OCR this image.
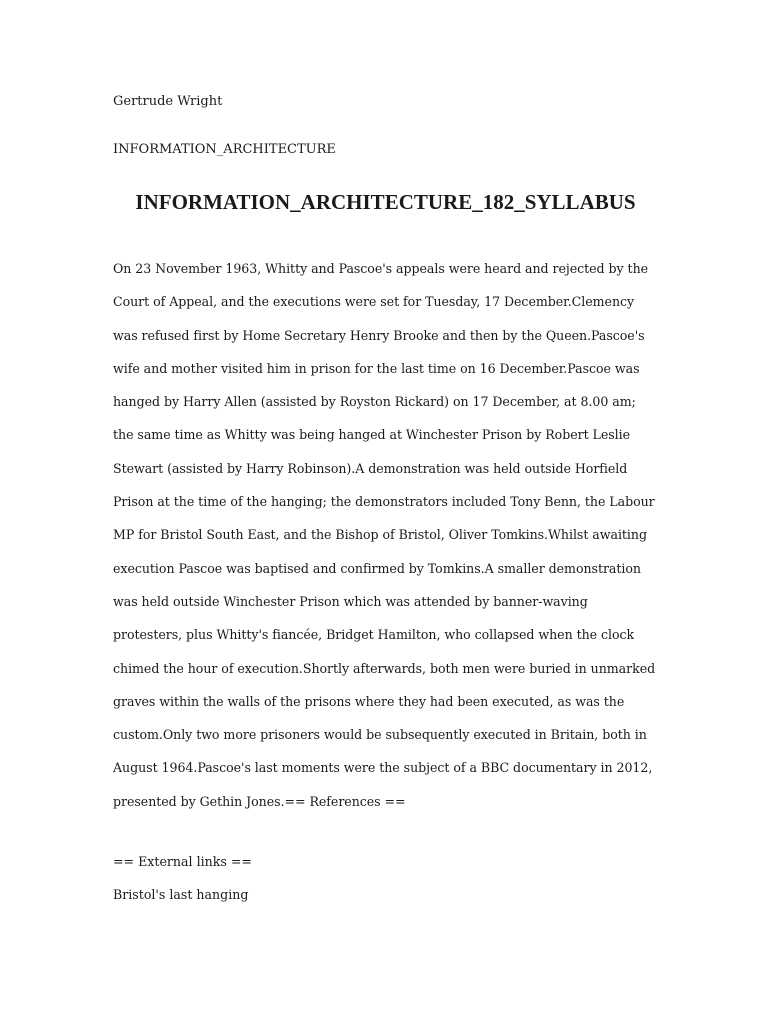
Gertrude Wright
INFORMATION_ARCHITECTURE
INFORMATION_ARCHITECTURE_182_SYLLABUS

On 23 November 1963, Whitty and Pascoe's appeals were heard and rejected by the Court of Appeal, and the executions were set for Tuesday, 17 December.Clemency was refused first by Home Secretary Henry Brooke and then by the Queen.Pascoe's wife and mother visited him in prison for the last time on 16 December.Pascoe was hanged by Harry Allen (assisted by Royston Rickard) on 17 December, at 8.00 am; the same time as Whitty was being hanged at Winchester Prison by Robert Leslie Stewart (assisted by Harry Robinson).A demonstration was held outside Horfield Prison at the time of the hanging; the demonstrators included Tony Benn, the Labour MP for Bristol South East, and the Bishop of Bristol, Oliver Tomkins.Whilst awaiting execution Pascoe was baptised and confirmed by Tomkins.A smaller demonstration was held outside Winchester Prison which was attended by banner-waving protesters, plus Whitty's fiancée, Bridget Hamilton, who collapsed when the clock chimed the hour of execution.Shortly afterwards, both men were buried in unmarked graves within the walls of the prisons where they had been executed, as was the custom.Only two more prisoners would be subsequently executed in Britain, both in August 1964.Pascoe's last moments were the subject of a BBC documentary in 2012, presented by Gethin Jones.== References ==

== External links ==
Bristol's last hanging
